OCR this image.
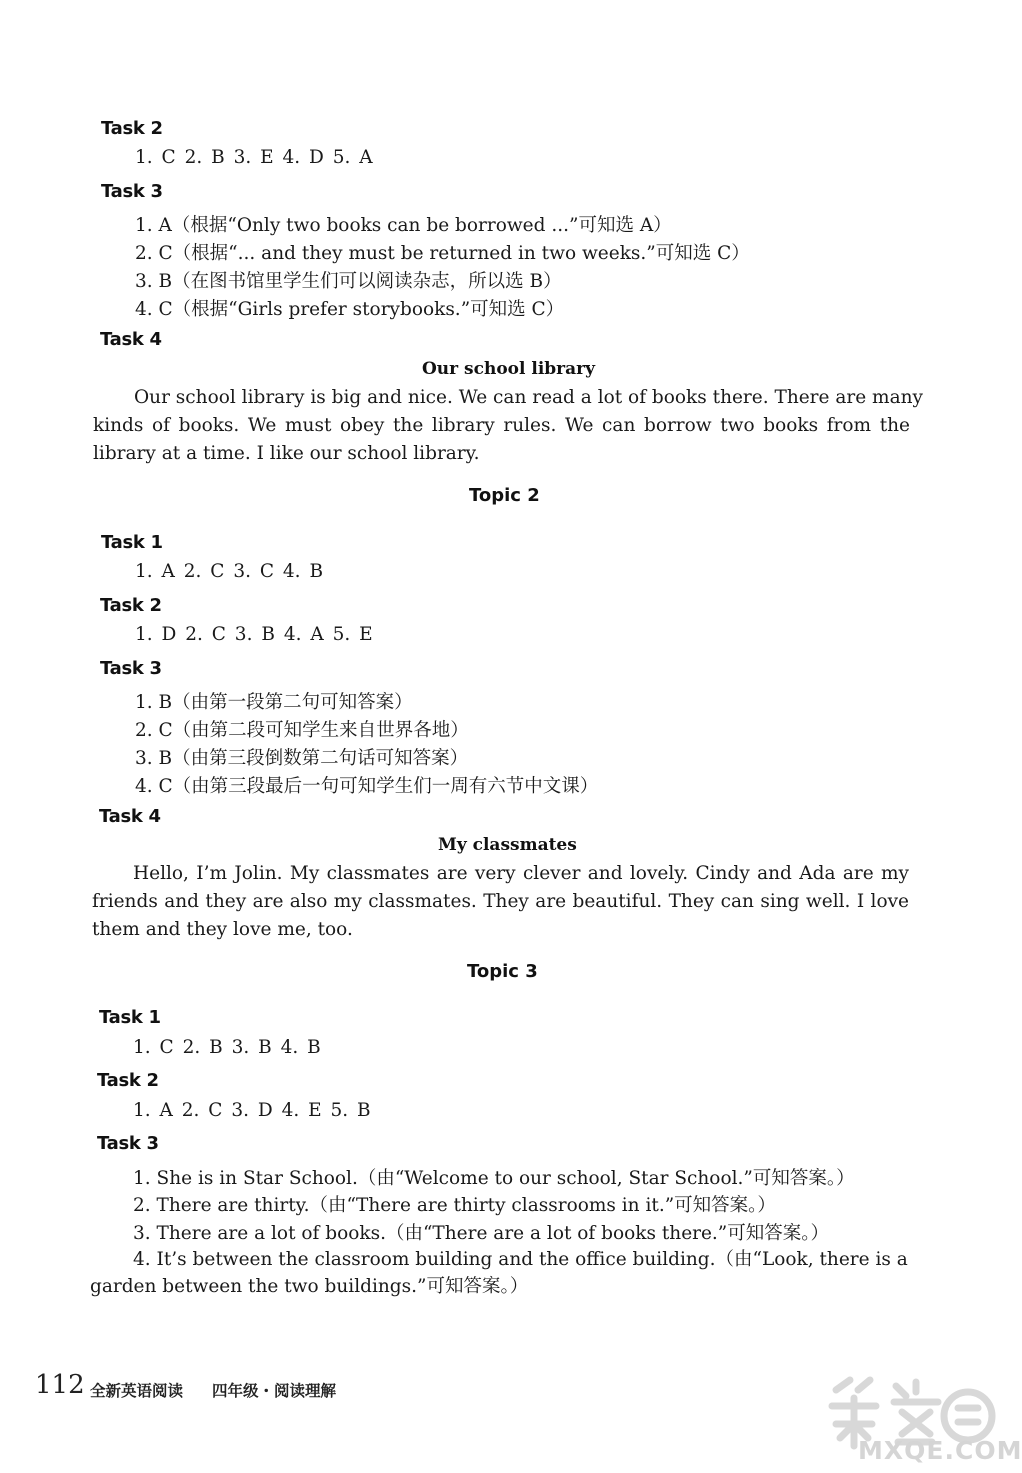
Task 2
1. C 2. B 3. E 4. D 5. A
Task 3
1. A（根据“Only two books can be borrowed ...”可知选 A）
2. C（根据“... and they must be returned in two weeks.”可知选 C）
3. B（在图书馆里学生们可以阅读杂志，所以选 B）
4. C（根据“Girls prefer storybooks.”可知选 C）
Task 4
Our school library
Our school library is big and nice. We can read a lot of books there. There are many
kinds of books. We must obey the library rules. We can borrow two books from the
library at a time. I like our school library.
Topic 2
Task 1
1. A 2. C 3. C 4. B
Task 2
1. D 2. C 3. B 4. A 5. E
Task 3
1. B（由第一段第二句可知答案）
2. C（由第二段可知学生来自世界各地）
3. B（由第三段倒数第二句话可知答案）
4. C（由第三段最后一句可知学生们一周有六节中文课）
Task 4
My classmates
Hello, I’m Jolin. My classmates are very clever and lovely. Cindy and Ada are my
friends and they are also my classmates. They are beautiful. They can sing well. I love
them and they love me, too.
Topic 3
Task 1
1. C 2. B 3. B 4. B
Task 2
1. A 2. C 3. D 4. E 5. B
Task 3
1. She is in Star School.（由“Welcome to our school, Star School.”可知答案。）
2. There are thirty.（由“There are thirty classrooms in it.”可知答案。）
3. There are a lot of books.（由“There are a lot of books there.”可知答案。）
4. It’s between the classroom building and the office building.（由“Look, there is a
garden between the two buildings.”可知答案。）
112 全新英语阅读 四年级・阅读理解
MXQE.COM
